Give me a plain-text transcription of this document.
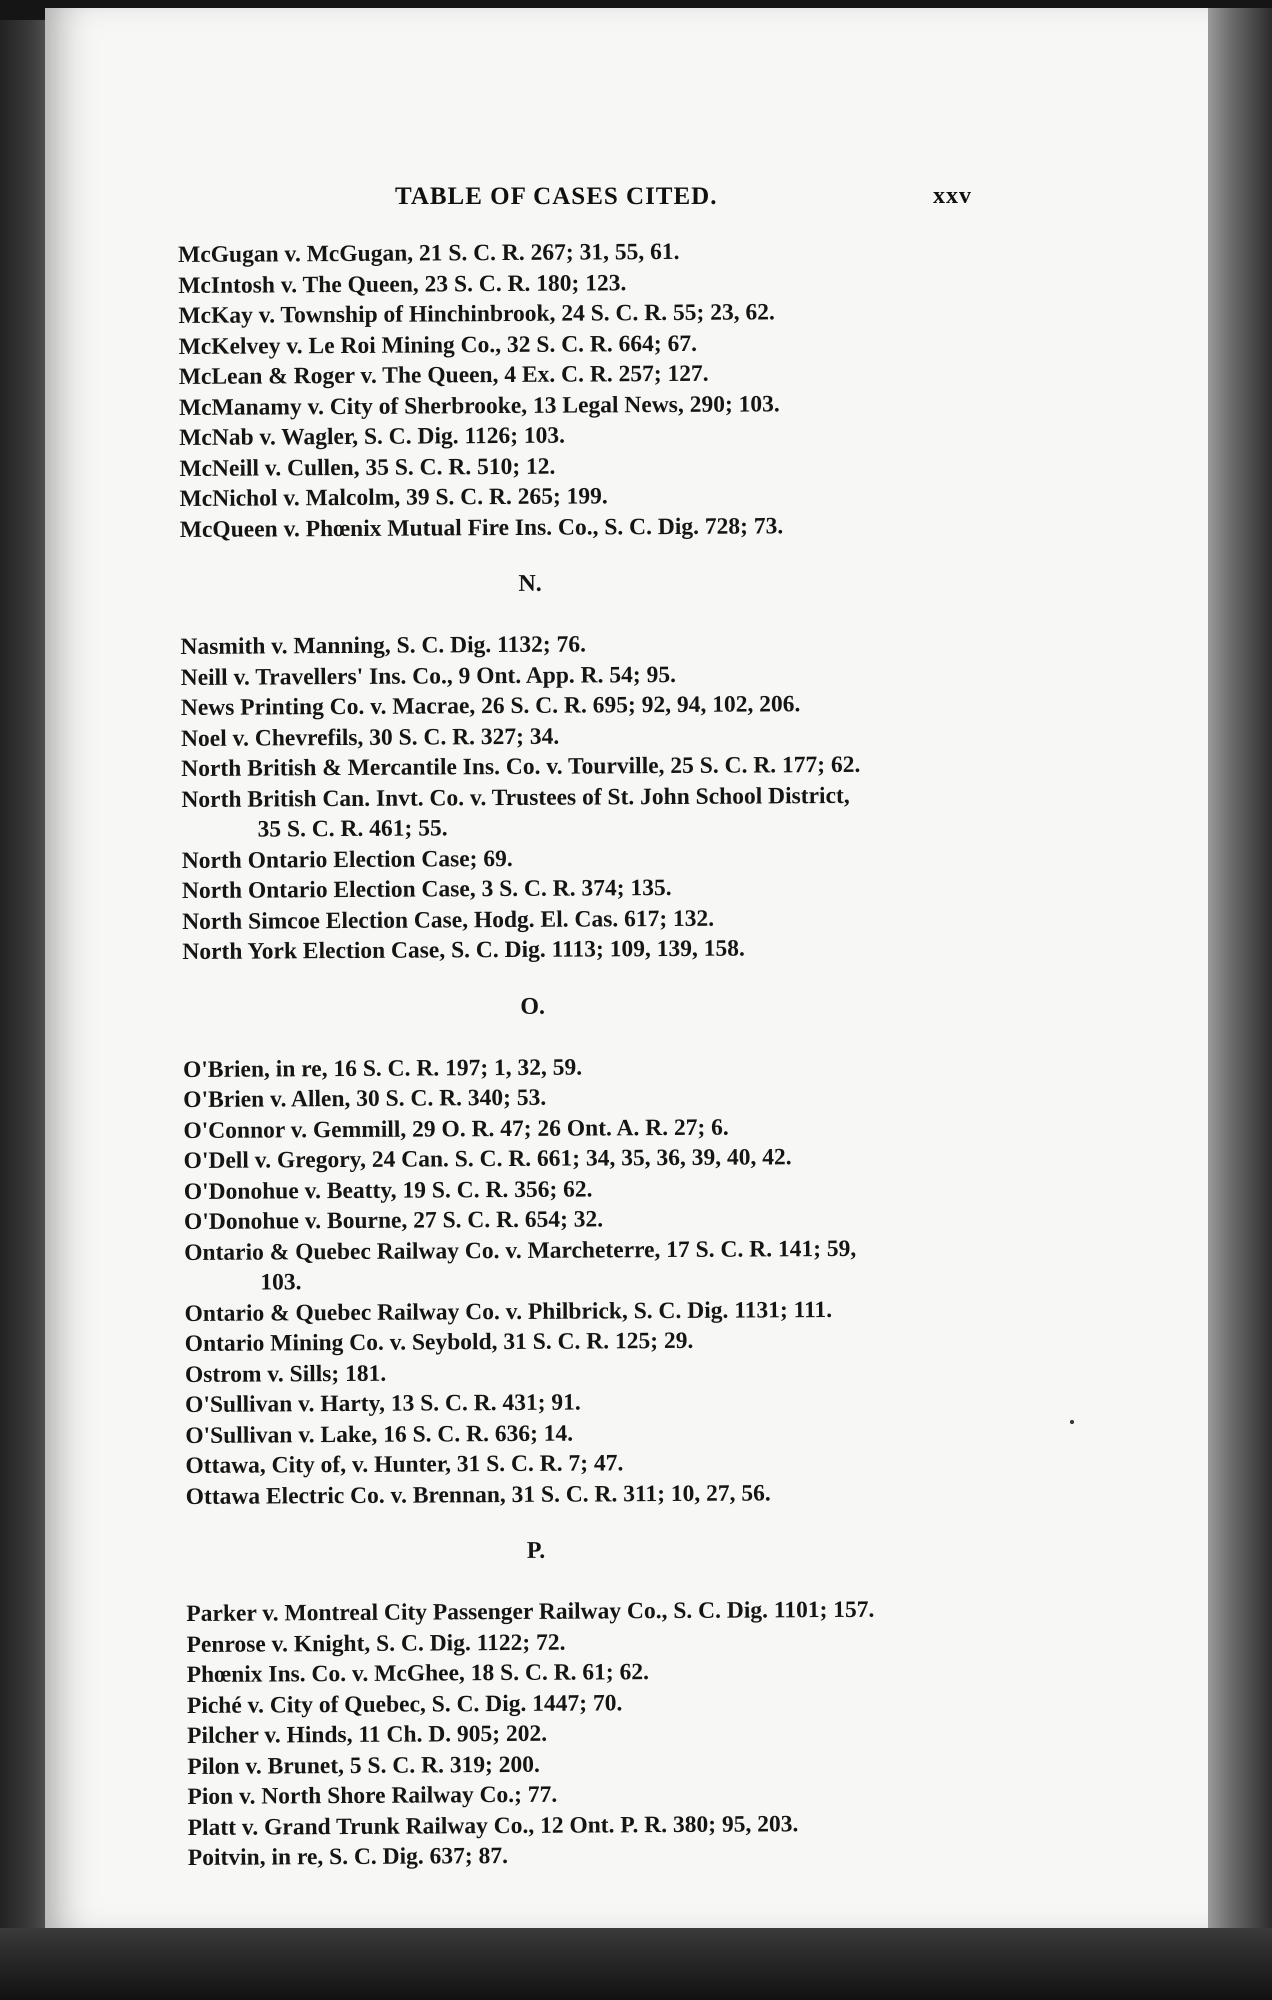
TABLE OF CASES CITED.	xxv
McGugan v. McGugan, 21 S. C. R. 267; 31, 55, 61.
McIntosh v. The Queen, 23 S. C. R. 180; 123.
McKay v. Township of Hinchinbrook, 24 S. C. R. 55; 23, 62.
McKelvey v. Le Roi Mining Co., 32 S. C. R. 664; 67.
McLean & Roger v. The Queen, 4 Ex. C. R. 257; 127.
McManamy v. City of Sherbrooke, 13 Legal News, 290; 103.
McNab v. Wagler, S. C. Dig. 1126; 103.
McNeill v. Cullen, 35 S. C. R. 510; 12.
McNichol v. Malcolm, 39 S. C. R. 265; 199.
McQueen v. Phœnix Mutual Fire Ins. Co., S. C. Dig. 728; 73.
N.
Nasmith v. Manning, S. C. Dig. 1132; 76.
Neill v. Travellers' Ins. Co., 9 Ont. App. R. 54; 95.
News Printing Co. v. Macrae, 26 S. C. R. 695; 92, 94, 102, 206.
Noel v. Chevrefils, 30 S. C. R. 327; 34.
North British & Mercantile Ins. Co. v. Tourville, 25 S. C. R. 177; 62.
North British Can. Invt. Co. v. Trustees of St. John School District,
35 S. C. R. 461; 55.
North Ontario Election Case; 69.
North Ontario Election Case, 3 S. C. R. 374; 135.
North Simcoe Election Case, Hodg. El. Cas. 617; 132.
North York Election Case, S. C. Dig. 1113; 109, 139, 158.
O.
O'Brien, in re, 16 S. C. R. 197; 1, 32, 59.
O'Brien v. Allen, 30 S. C. R. 340; 53.
O'Connor v. Gemmill, 29 O. R. 47; 26 Ont. A. R. 27; 6.
O'Dell v. Gregory, 24 Can. S. C. R. 661; 34, 35, 36, 39, 40, 42.
O'Donohue v. Beatty, 19 S. C. R. 356; 62.
O'Donohue v. Bourne, 27 S. C. R. 654; 32.
Ontario & Quebec Railway Co. v. Marcheterre, 17 S. C. R. 141; 59,
103.
Ontario & Quebec Railway Co. v. Philbrick, S. C. Dig. 1131; 111.
Ontario Mining Co. v. Seybold, 31 S. C. R. 125; 29.
Ostrom v. Sills; 181.
O'Sullivan v. Harty, 13 S. C. R. 431; 91.
O'Sullivan v. Lake, 16 S. C. R. 636; 14.
Ottawa, City of, v. Hunter, 31 S. C. R. 7; 47.
Ottawa Electric Co. v. Brennan, 31 S. C. R. 311; 10, 27, 56.
P.
Parker v. Montreal City Passenger Railway Co., S. C. Dig. 1101; 157.
Penrose v. Knight, S. C. Dig. 1122; 72.
Phœnix Ins. Co. v. McGhee, 18 S. C. R. 61; 62.
Piché v. City of Quebec, S. C. Dig. 1447; 70.
Pilcher v. Hinds, 11 Ch. D. 905; 202.
Pilon v. Brunet, 5 S. C. R. 319; 200.
Pion v. North Shore Railway Co.; 77.
Platt v. Grand Trunk Railway Co., 12 Ont. P. R. 380; 95, 203.
Poitvin, in re, S. C. Dig. 637; 87.
